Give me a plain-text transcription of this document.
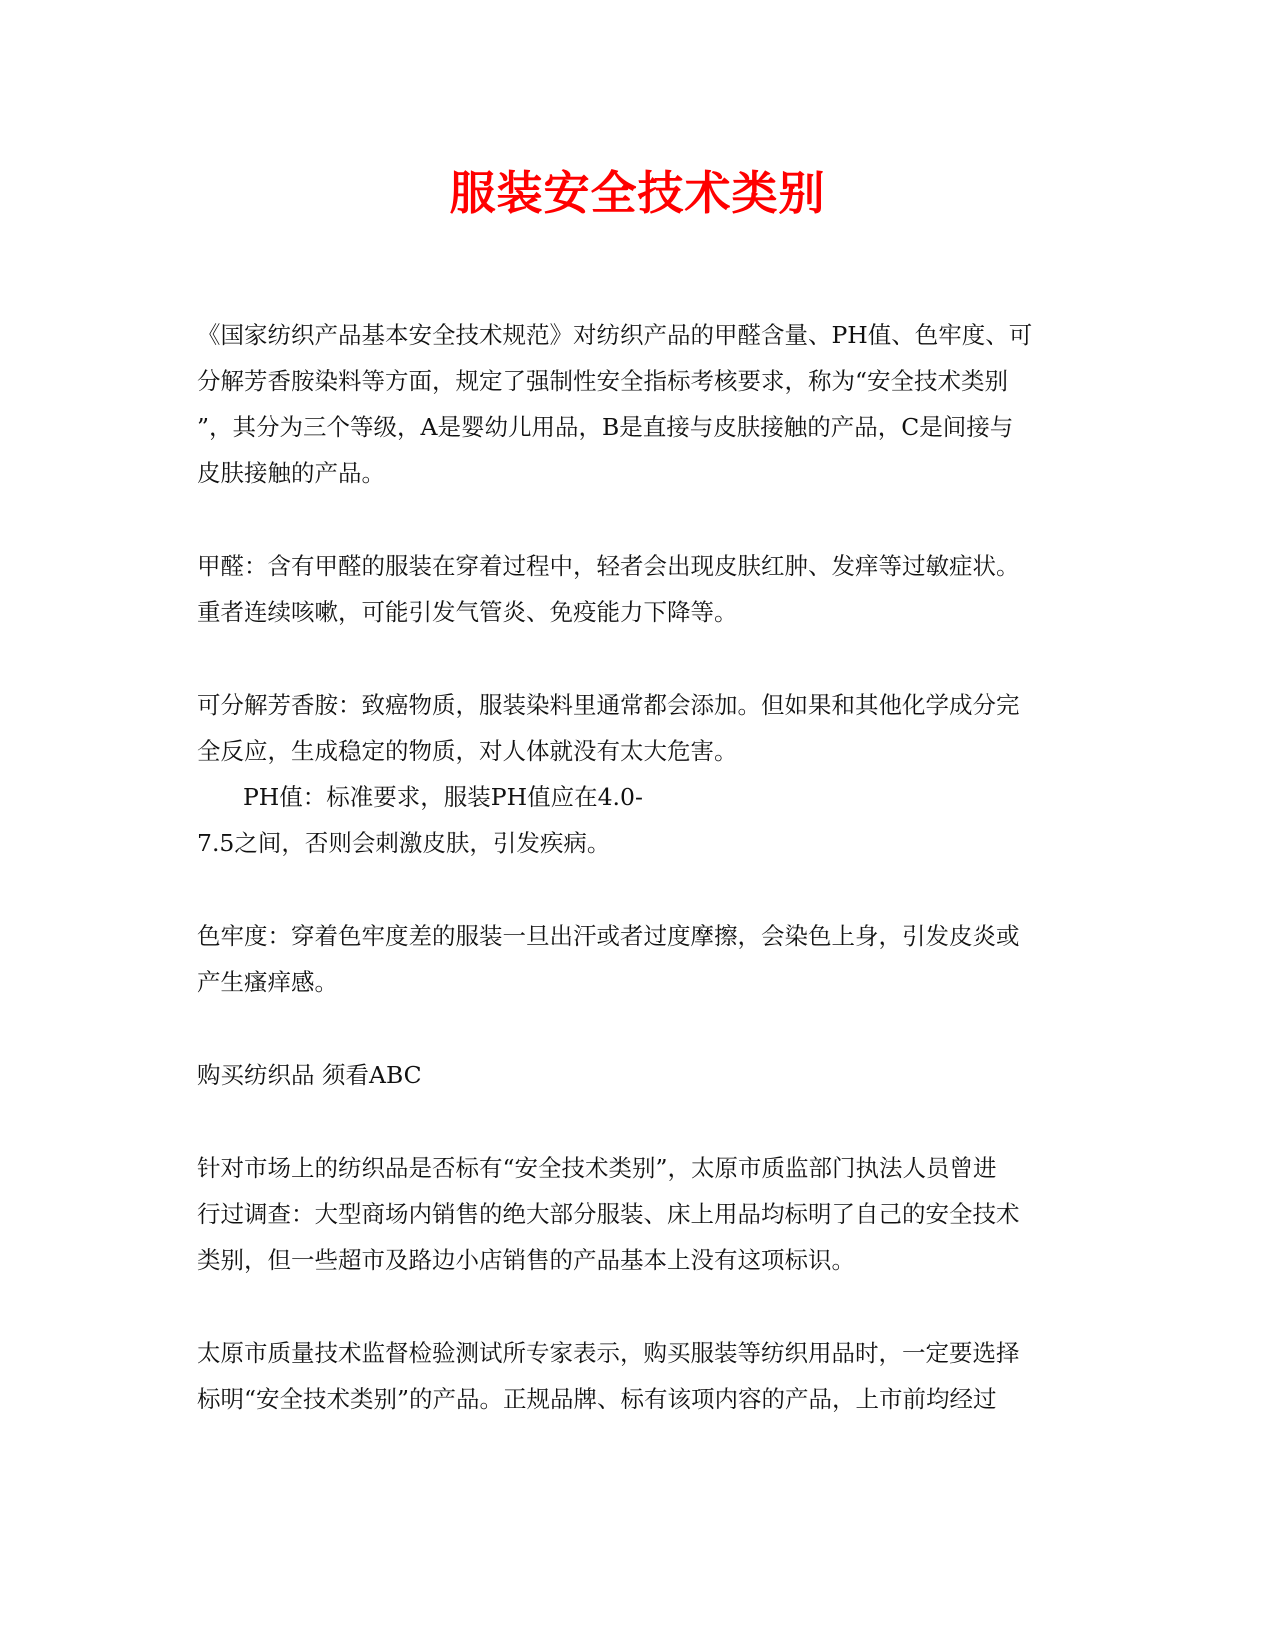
服装安全技术类别
《国家纺织产品基本安全技术规范》对纺织产品的甲醛含量、PH值、色牢度、可
分解芳香胺染料等方面，规定了强制性安全指标考核要求，称为“安全技术类别
”，其分为三个等级，A是婴幼儿用品，B是直接与皮肤接触的产品，C是间接与
皮肤接触的产品。
甲醛：含有甲醛的服装在穿着过程中，轻者会出现皮肤红肿、发痒等过敏症状。
重者连续咳嗽，可能引发气管炎、免疫能力下降等。
可分解芳香胺：致癌物质，服装染料里通常都会添加。但如果和其他化学成分完
全反应，生成稳定的物质，对人体就没有太大危害。
PH值：标准要求，服装PH值应在4.0-
7.5之间，否则会刺激皮肤，引发疾病。
色牢度：穿着色牢度差的服装一旦出汗或者过度摩擦，会染色上身，引发皮炎或
产生瘙痒感。
购买纺织品 须看ABC
针对市场上的纺织品是否标有“安全技术类别”，太原市质监部门执法人员曾进
行过调查：大型商场内销售的绝大部分服装、床上用品均标明了自己的安全技术
类别，但一些超市及路边小店销售的产品基本上没有这项标识。
太原市质量技术监督检验测试所专家表示，购买服装等纺织用品时，一定要选择
标明“安全技术类别”的产品。正规品牌、标有该项内容的产品，上市前均经过
